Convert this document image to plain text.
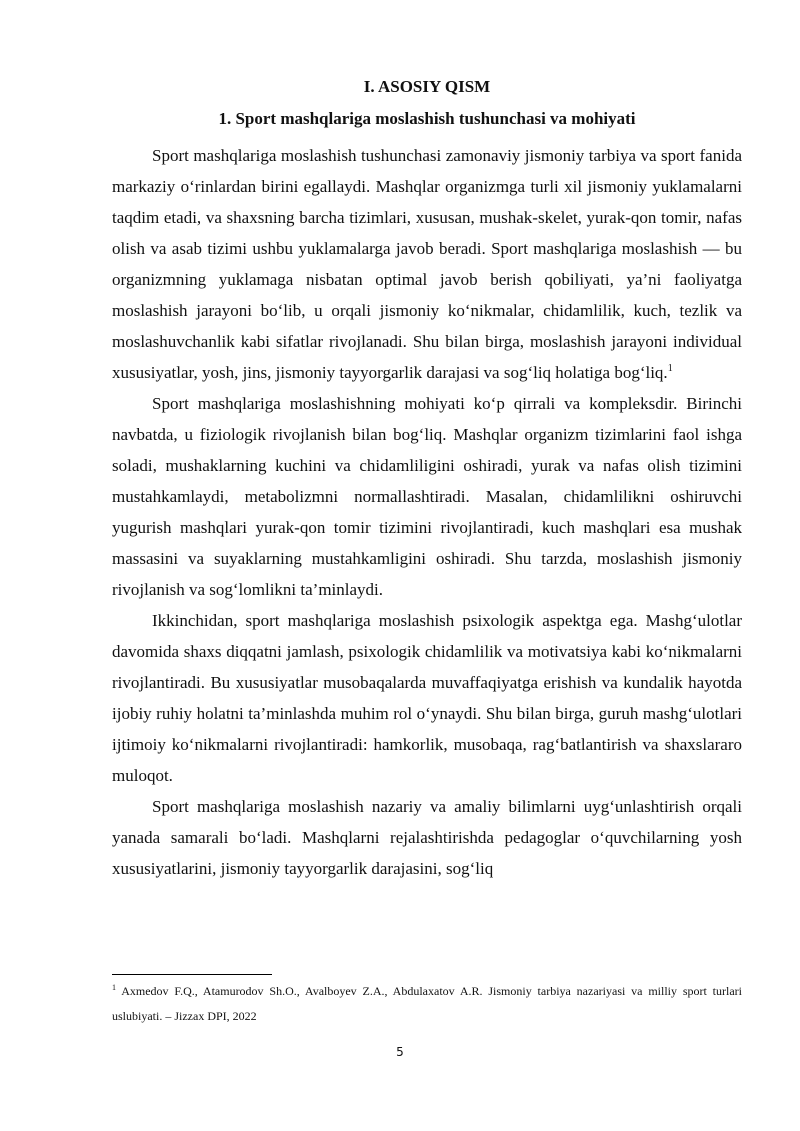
I. ASOSIY QISM
1. Sport mashqlariga moslashish tushunchasi va mohiyati

Sport mashqlariga moslashish tushunchasi zamonaviy jismoniy tarbiya va sport fanida markaziy o‘rinlardan birini egallaydi. Mashqlar organizmga turli xil jismoniy yuklamalarni taqdim etadi, va shaxsning barcha tizimlari, xususan, mushak-skelet, yurak-qon tomir, nafas olish va asab tizimi ushbu yuklamalarga javob beradi. Sport mashqlariga moslashish — bu organizmning yuklamaga nisbatan optimal javob berish qobiliyati, ya’ni faoliyatga moslashish jarayoni bo‘lib, u orqali jismoniy ko‘nikmalar, chidamlilik, kuch, tezlik va moslashuvchanlik kabi sifatlar rivojlanadi. Shu bilan birga, moslashish jarayoni individual xususiyatlar, yosh, jins, jismoniy tayyorgarlik darajasi va sog‘liq holatiga bog‘liq.$^1$

Sport mashqlariga moslashishning mohiyati ko‘p qirrali va kompleksdir. Birinchi navbatda, u fiziologik rivojlanish bilan bog‘liq. Mashqlar organizm tizimlarini faol ishga soladi, mushaklarning kuchini va chidamliligini oshiradi, yurak va nafas olish tizimini mustahkamlaydi, metabolizmni normallashtiradi. Masalan, chidamlilikni oshiruvchi yugurish mashqlari yurak-qon tomir tizimini rivojlantiradi, kuch mashqlari esa mushak massasini va suyaklarning mustahkamligini oshiradi. Shu tarzda, moslashish jismoniy rivojlanish va sog‘lomlikni ta’minlaydi.

Ikkinchidan, sport mashqlariga moslashish psixologik aspektga ega. Mashg‘ulotlar davomida shaxs diqqatni jamlash, psixologik chidamlilik va motivatsiya kabi ko‘nikmalarni rivojlantiradi. Bu xususiyatlar musobaqalarda muvaffaqiyatga erishish va kundalik hayotda ijobiy ruhiy holatni ta’minlashda muhim rol o‘ynaydi. Shu bilan birga, guruh mashg‘ulotlari ijtimoiy ko‘nikmalarni rivojlantiradi: hamkorlik, musobaqa, rag‘batlantirish va shaxslararo muloqot.

Sport mashqlariga moslashish nazariy va amaliy bilimlarni uyg‘unlashtirish orqali yanada samarali bo‘ladi. Mashqlarni rejalashtirishda pedagoglar o‘quvchilarning yosh xususiyatlarini, jismoniy tayyorgarlik darajasini, sog‘liq

$^1$ Axmedov F.Q., Atamurodov Sh.O., Avalboyev Z.A., Abdulaxatov A.R. Jismoniy tarbiya nazariyasi va milliy sport turlari uslubiyati. – Jizzax DPI, 2022
5
